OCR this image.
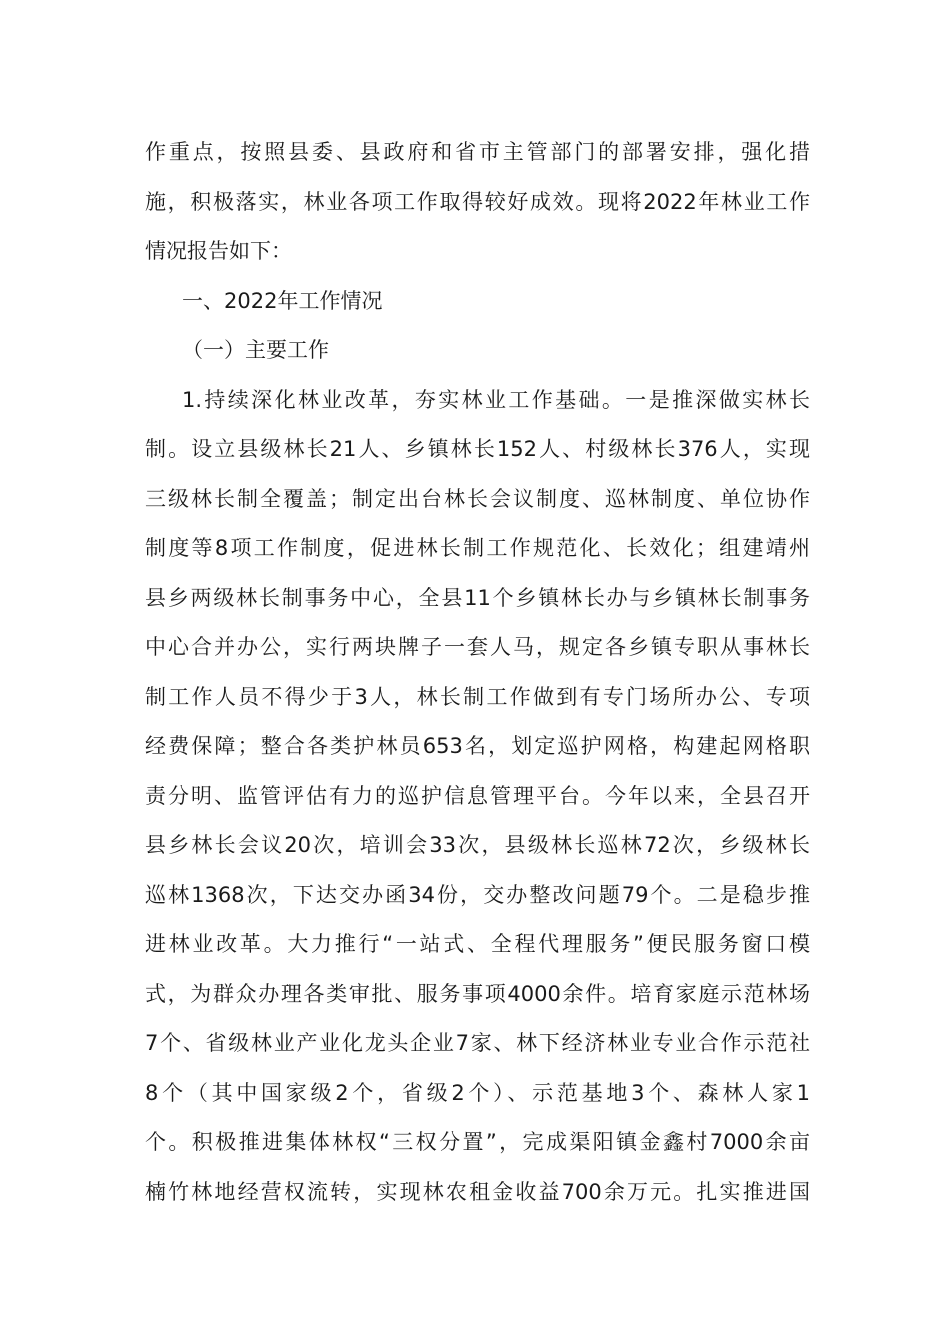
作重点，按照县委、县政府和省市主管部门的部署安排，强化措
施，积极落实，林业各项工作取得较好成效。现将2022年林业工作
情况报告如下：
一、2022年工作情况
（一）主要工作
1.持续深化林业改革，夯实林业工作基础。一是推深做实林长
制。设立县级林长21人、乡镇林长152人、村级林长376人，实现
三级林长制全覆盖；制定出台林长会议制度、巡林制度、单位协作
制度等8项工作制度，促进林长制工作规范化、长效化；组建靖州
县乡两级林长制事务中心，全县11个乡镇林长办与乡镇林长制事务
中心合并办公，实行两块牌子一套人马，规定各乡镇专职从事林长
制工作人员不得少于3人，林长制工作做到有专门场所办公、专项
经费保障；整合各类护林员653名，划定巡护网格，构建起网格职
责分明、监管评估有力的巡护信息管理平台。今年以来，全县召开
县乡林长会议20次，培训会33次，县级林长巡林72次，乡级林长
巡林1368次，下达交办函34份，交办整改问题79个。二是稳步推
进林业改革。大力推行“一站式、全程代理服务”便民服务窗口模
式，为群众办理各类审批、服务事项4000余件。培育家庭示范林场
7个、省级林业产业化龙头企业7家、林下经济林业专业合作示范社
8个（其中国家级2个，省级2个）、示范基地3个、森林人家1
个。积极推进集体林权“三权分置”，完成渠阳镇金鑫村7000余亩
楠竹林地经营权流转，实现林农租金收益700余万元。扎实推进国
